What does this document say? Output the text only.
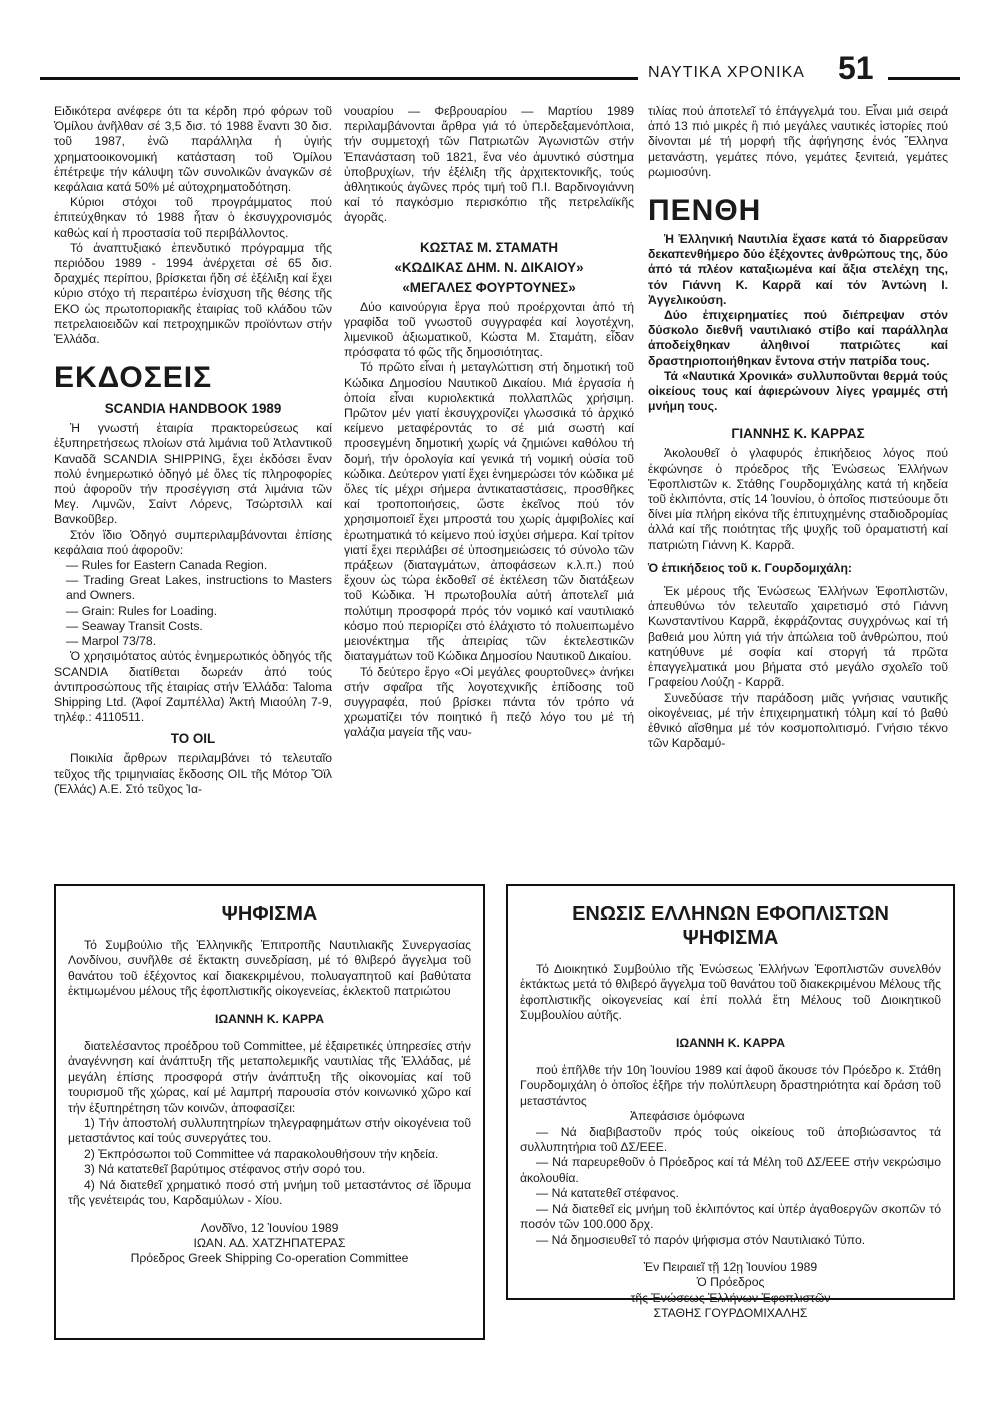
ΝΑΥΤΙΚΑ ΧΡΟΝΙΚΑ 51

Ειδικότερα ανέφερε ότι τα κέρδη πρό φόρων τοῦ Ὁμίλου ἀνῆλθαν σέ 3,5 δισ. τό 1988 ἔναντι 30 δισ. τοῦ 1987, ἐνῶ παράλληλα ἡ ὑγιής χρηματοοικονομική κατάσταση τοῦ Ὁμίλου ἐπέτρεψε τήν κάλυψη τῶν συνολικῶν ἀναγκῶν σέ κεφάλαια κατά 50% μέ αὐτοχρηματοδότηση.

Κύριοι στόχοι τοῦ προγράμματος πού ἐπιτεύχθηκαν τό 1988 ἦταν ὁ ἐκσυγχρονισμός καθώς καί ἡ προστασία τοῦ περιβάλλοντος.

Τό ἀναπτυξιακό ἐπενδυτικό πρόγραμμα τῆς περιόδου 1989 - 1994 ἀνέρχεται σέ 65 δισ. δραχμές περίπου, βρίσκεται ἤδη σέ ἐξέλιξη καί ἔχει κύριο στόχο τή περαιτέρω ἐνίσχυση τῆς θέσης τῆς ΕΚΟ ὡς πρωτοποριακῆς ἑταιρίας τοῦ κλάδου τῶν πετρελαιοειδῶν καί πετροχημικῶν προϊόντων στήν Ἑλλάδα.

ΕΚΔΟΣΕΙΣ
SCANDIA HANDBOOK 1989

Ἡ γνωστή ἑταιρία πρακτορεύσεως καί ἐξυπηρετήσεως πλοίων στά λιμάνια τοῦ Ἀτλαντικοῦ Καναδᾶ SCANDIA SHIPPING, ἔχει ἐκδόσει ἕναν πολύ ἐνημερωτικό ὁδηγό μέ ὅλες τίς πληροφορίες πού ἀφοροῦν τήν προσέγγιση στά λιμάνια τῶν Μεγ. Λιμνῶν, Σαίντ Λόρενς, Τσώρτσιλλ καί Βανκοῦβερ.

Στόν ἴδιο Ὁδηγό συμπεριλαμβάνονται ἐπίσης κεφάλαια πού ἀφοροῦν:

— Rules for Eastern Canada Region.

— Trading Great Lakes, instructions to Masters and Owners.

— Grain: Rules for Loading.

— Seaway Transit Costs.

— Marpol 73/78.

Ὁ χρησιμότατος αὐτός ἐνημερωτικός ὁδηγός τῆς SCANDIA διατίθεται δωρεάν ἀπό τούς ἀντιπροσώπους τῆς ἑταιρίας στήν Ἑλλάδα: Taloma Shipping Ltd. (Ἀφοί Ζαμπέλλα) Ἀκτή Μιαούλη 7-9, τηλέφ.: 4110511.

ΤΟ OIL

Ποικιλία ἄρθρων περιλαμβάνει τό τελευταῖο τεῦχος τῆς τριμηνιαίας ἔκδοσης OIL τῆς Μότορ Ὄϊλ (Ἑλλάς) Α.Ε. Στό τεῦχος Ἰα-

νουαρίου — Φεβρουαρίου — Μαρτίου 1989 περιλαμβάνονται ἄρθρα γιά τό ὑπερδεξαμενόπλοια, τήν συμμετοχή τῶν Πατριωτῶν Ἀγωνιστῶν στήν Ἐπανάσταση τοῦ 1821, ἕνα νέο ἀμυντικό σύστημα ὑποβρυχίων, τήν ἐξέλιξη τῆς ἀρχιτεκτονικῆς, τούς ἀθλητικούς ἀγῶνες πρός τιμή τοῦ Π.Ι. Βαρδινογιάννη καί τό παγκόσμιο περισκόπιο τῆς πετρελαϊκῆς ἀγορᾶς.

ΚΩΣΤΑΣ Μ. ΣΤΑΜΑΤΗ
«ΚΩΔΙΚΑΣ ΔΗΜ. Ν. ΔΙΚΑΙΟΥ»
«ΜΕΓΑΛΕΣ ΦΟΥΡΤΟΥΝΕΣ»

Δύο καινούργια ἔργα πού προέρχονται ἀπό τή γραφίδα τοῦ γνωστοῦ συγγραφέα καί λογοτέχνη, λιμενικοῦ ἀξιωματικοῦ, Κώστα Μ. Σταμάτη, εἶδαν πρόσφατα τό φῶς τῆς δημοσιότητας.

Τό πρῶτο εἶναι ἡ μεταγλώττιση στή δημοτική τοῦ Κώδικα Δημοσίου Ναυτικοῦ Δικαίου. Μιά ἐργασία ἡ ὁποία εἶναι κυριολεκτικά πολλαπλῶς χρήσιμη. Πρῶτον μέν γιατί ἐκσυγχρονίζει γλωσσικά τό ἀρχικό κείμενο μεταφέροντάς το σέ μιά σωστή καί προσεγμένη δημοτική χωρίς νά ζημιώνει καθόλου τή δομή, τήν ὁρολογία καί γενικά τή νομική οὐσία τοῦ κώδικα. Δεύτερον γιατί ἔχει ἐνημερώσει τόν κώδικα μέ ὅλες τίς μέχρι σήμερα ἀντικαταστάσεις, προσθῆκες καί τροποποιήσεις, ὥστε ἐκεῖνος πού τόν χρησιμοποιεῖ ἔχει μπροστά του χωρίς ἀμφιβολίες καί ἐρωτηματικά τό κείμενο πού ἰσχύει σήμερα. Καί τρίτον γιατί ἔχει περιλάβει σέ ὑποσημειώσεις τό σύνολο τῶν πράξεων (διαταγμάτων, ἀποφάσεων κ.λ.π.) πού ἔχουν ὡς τώρα ἐκδοθεῖ σέ ἐκτέλεση τῶν διατάξεων τοῦ Κώδικα. Ἡ πρωτοβουλία αὐτή ἀποτελεῖ μιά πολύτιμη προσφορά πρός τόν νομικό καί ναυτιλιακό κόσμο πού περιορίζει στό ἐλάχιστο τό πολυειπωμένο μειονέκτημα τῆς ἀπειρίας τῶν ἐκτελεστικῶν διαταγμάτων τοῦ Κώδικα Δημοσίου Ναυτικοῦ Δικαίου.

Τό δεύτερο ἔργο «Οἱ μεγάλες φουρτοῦνες» ἀνήκει στήν σφαῖρα τῆς λογοτεχνικῆς ἐπίδοσης τοῦ συγγραφέα, πού βρίσκει πάντα τόν τρόπο νά χρωματίζει τόν ποιητικό ἢ πεζό λόγο του μέ τή γαλάζια μαγεία τῆς ναυ-

τιλίας πού ἀποτελεῖ τό ἐπάγγελμά του. Εἶναι μιά σειρά ἀπό 13 πιό μικρές ἢ πιό μεγάλες ναυτικές ἱστορίες πού δίνονται μέ τή μορφή τῆς ἀφήγησης ἑνός Ἕλληνα μετανάστη, γεμάτες πόνο, γεμάτες ξενιτειά, γεμάτες ρωμιοσύνη.

ΠΕΝΘΗ

Ἡ Ἑλληνική Ναυτιλία ἔχασε κατά τό διαρρεῦσαν δεκαπενθήμερο δύο ἐξέχοντες ἀνθρώπους της, δύο ἀπό τά πλέον καταξιωμένα καί ἄξια στελέχη της, τόν Γιάννη Κ. Καρρᾶ καί τόν Ἀντώνη Ι. Ἀγγελικούση.

Δύο ἐπιχειρηματίες πού διέπρεψαν στόν δύσκολο διεθνῆ ναυτιλιακό στίβο καί παράλληλα ἀποδείχθηκαν ἀληθινοί πατριῶτες καί δραστηριοποιήθηκαν ἔντονα στήν πατρίδα τους.

Τά «Ναυτικά Χρονικά» συλλυποῦνται θερμά τούς οἰκείους τους καί ἀφιερώνουν λίγες γραμμές στή μνήμη τους.

ΓΙΑΝΝΗΣ Κ. ΚΑΡΡΑΣ

Ἀκολουθεῖ ὁ γλαφυρός ἐπικήδειος λόγος πού ἐκφώνησε ὁ πρόεδρος τῆς Ἑνώσεως Ἑλλήνων Ἐφοπλιστῶν κ. Στάθης Γουρδομιχάλης κατά τή κηδεία τοῦ ἐκλιπόντα, στίς 14 Ἰουνίου, ὁ ὁποῖος πιστεύουμε ὅτι δίνει μία πλήρη εἰκόνα τῆς ἐπιτυχημένης σταδιοδρομίας ἀλλά καί τῆς ποιότητας τῆς ψυχῆς τοῦ ὁραματιστή καί πατριώτη Γιάννη Κ. Καρρᾶ.

Ὁ ἐπικήδειος τοῦ κ. Γουρδομιχάλη:

Ἐκ μέρους τῆς Ἑνώσεως Ἑλλήνων Ἐφοπλιστῶν, ἀπευθύνω τόν τελευταῖο χαιρετισμό στό Γιάννη Κωνσταντίνου Καρρᾶ, ἐκφράζοντας συγχρόνως καί τή βαθειά μου λύπη γιά τήν ἀπώλεια τοῦ ἀνθρώπου, πού κατηύθυνε μέ σοφία καί στοργή τά πρῶτα ἐπαγγελματικά μου βήματα στό μεγάλο σχολεῖο τοῦ Γραφείου Λούζη - Καρρᾶ.

Συνεδύασε τήν παράδοση μιᾶς γνήσιας ναυτικῆς οἰκογένειας, μέ τήν ἐπιχειρηματική τόλμη καί τό βαθύ ἐθνικό αἴσθημα μέ τόν κοσμοπολιτισμό. Γνήσιο τέκνο τῶν Καρδαμύ-

ΨΗΦΙΣΜΑ

Τό Συμβούλιο τῆς Ἑλληνικῆς Ἐπιτροπῆς Ναυτιλιακῆς Συνεργασίας Λονδίνου, συνῆλθε σέ ἔκτακτη συνεδρίαση, μέ τό θλιβερό ἄγγελμα τοῦ θανάτου τοῦ ἐξέχοντος καί διακεκριμένου, πολυαγαπητοῦ καί βαθύτατα ἐκτιμωμένου μέλους τῆς ἐφοπλιστικῆς οἰκογενείας, ἐκλεκτοῦ πατριώτου

ΙΩΑΝΝΗ Κ. ΚΑΡΡΑ

διατελέσαντος προέδρου τοῦ Committee, μέ ἐξαιρετικές ὑπηρεσίες στήν ἀναγέννηση καί ἀνάπτυξη τῆς μεταπολεμικῆς ναυτιλίας τῆς Ἑλλάδας, μέ μεγάλη ἐπίσης προσφορά στήν ἀνάπτυξη τῆς οἰκονομίας καί τοῦ τουρισμοῦ τῆς χώρας, καί μέ λαμπρή παρουσία στόν κοινωνικό χῶρο καί τήν ἐξυπηρέτηση τῶν κοινῶν, ἀποφασίζει:

1) Τήν ἀποστολή συλλυπητηρίων τηλεγραφημάτων στήν οἰκογένεια τοῦ μεταστάντος καί τούς συνεργάτες του.

2) Ἐκπρόσωποι τοῦ Committee νά παρακολουθήσουν τήν κηδεία.

3) Νά κατατεθεῖ βαρύτιμος στέφανος στήν σορό του.

4) Νά διατεθεῖ χρηματικό ποσό στή μνήμη τοῦ μεταστάντος σέ ἵδρυμα τῆς γενέτειράς του, Καρδαμύλων - Χίου.

Λονδῖνο, 12 Ἰουνίου 1989

ΙΩΑΝ. ΑΔ. ΧΑΤΖΗΠΑΤΕΡΑΣ

Πρόεδρος Greek Shipping Co-operation Committee

ΕΝΩΣΙΣ ΕΛΛΗΝΩΝ ΕΦΟΠΛΙΣΤΩΝ
ΨΗΦΙΣΜΑ

Τό Διοικητικό Συμβούλιο τῆς Ἑνώσεως Ἑλλήνων Ἐφοπλιστῶν συνελθόν ἐκτάκτως μετά τό θλιβερό ἄγγελμα τοῦ θανάτου τοῦ διακεκριμένου Μέλους τῆς ἐφοπλιστικῆς οἰκογενείας καί ἐπί πολλά ἔτη Μέλους τοῦ Διοικητικοῦ Συμβουλίου αὐτῆς.

ΙΩΑΝΝΗ Κ. ΚΑΡΡΑ

πού ἐπῆλθε τήν 10η Ἰουνίου 1989 καί ἀφοῦ ἄκουσε τόν Πρόεδρο κ. Στάθη Γουρδομιχάλη ὁ ὁποῖος ἐξῆρε τήν πολύπλευρη δραστηριότητα καί δράση τοῦ μεταστάντος

Ἀπεφάσισε ὁμόφωνα

— Νά διαβιβαστοῦν πρός τούς οἰκείους τοῦ ἀποβιώσαντος τά συλλυπητήρια τοῦ ΔΣ/ΕΕΕ.

— Νά παρευρεθοῦν ὁ Πρόεδρος καί τά Μέλη τοῦ ΔΣ/ΕΕΕ στήν νεκρώσιμο ἀκολουθία.

— Νά κατατεθεῖ στέφανος.

— Νά διατεθεῖ εἰς μνήμη τοῦ ἐκλιπόντος καί ὑπέρ ἀγαθοεργῶν σκοπῶν τό ποσόν τῶν 100.000 δρχ.

— Νά δημοσιευθεῖ τό παρόν ψήφισμα στόν Ναυτιλιακό Τύπο.

Ἐν Πειραιεῖ τῇ 12ῃ Ἰουνίου 1989

Ὁ Πρόεδρος

τῆς Ἑνώσεως Ἑλλήνων Ἐφοπλιστῶν

ΣΤΑΘΗΣ ΓΟΥΡΔΟΜΙΧΑΛΗΣ
